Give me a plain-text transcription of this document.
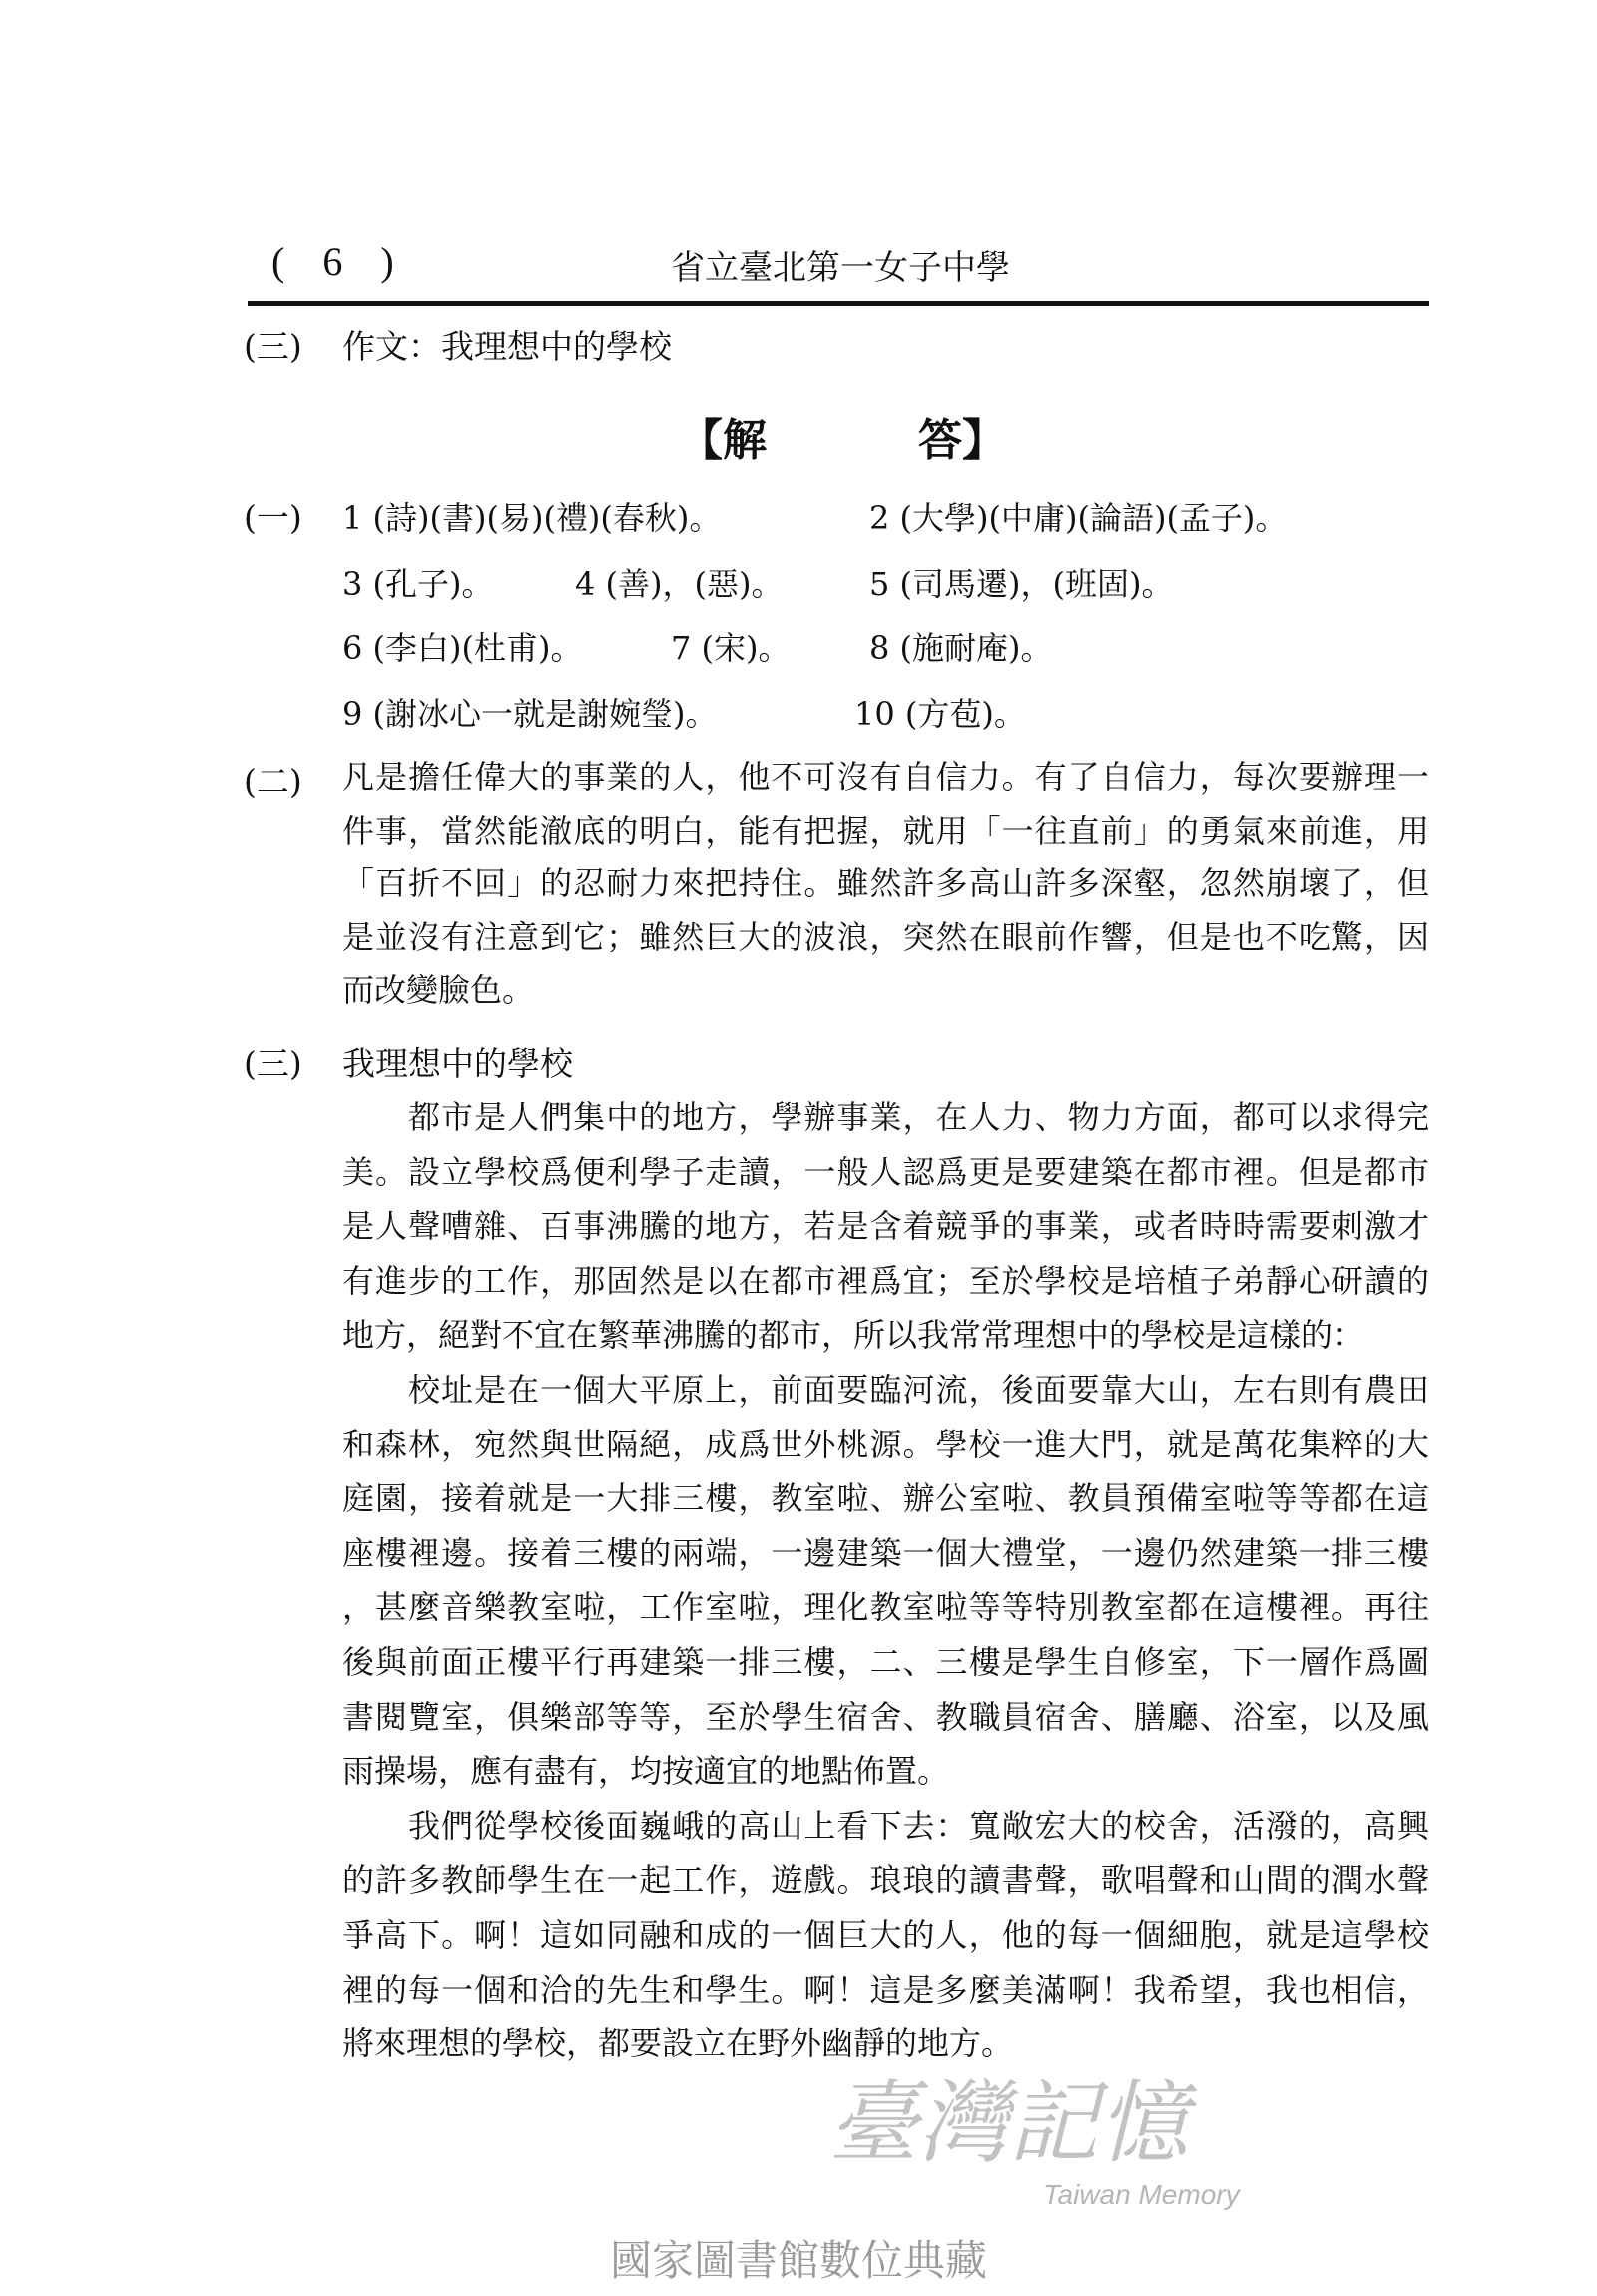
( 6 )	省立臺北第一女子中學
(三) 作文：我理想中的學校
【解	答】
(一) 1 (詩)(書)(易)(禮)(春秋)。	2 (大學)(中庸)(論語)(孟子)。
3 (孔子)。	4 (善)，(惡)。	5 (司馬遷)，(班固)。
6 (李白)(杜甫)。	7 (宋)。 8 (施耐庵)。
9 (謝冰心一就是謝婉瑩)。	10 (方苞)。
(二) 凡是擔任偉大的事業的人，他不可沒有自信力。有了自信力，每次要辦理一
件事，當然能澈底的明白，能有把握，就用「一往直前」的勇氣來前進，用
「百折不回」的忍耐力來把持住。雖然許多高山許多深壑，忽然崩壞了，但
是並沒有注意到它；雖然巨大的波浪，突然在眼前作響，但是也不吃驚，因
而改變臉色。
(三) 我理想中的學校
都市是人們集中的地方，學辦事業，在人力、物力方面，都可以求得完
美。設立學校爲便利學子走讀，一般人認爲更是要建築在都市裡。但是都市
是人聲嘈雜、百事沸騰的地方，若是含着競爭的事業，或者時時需要刺激才
有進步的工作，那固然是以在都市裡爲宜；至於學校是培植子弟靜心研讀的
地方，絕對不宜在繁華沸騰的都市，所以我常常理想中的學校是這樣的：
校址是在一個大平原上，前面要臨河流，後面要靠大山，左右則有農田
和森林，宛然與世隔絕，成爲世外桃源。學校一進大門，就是萬花集粹的大
庭園，接着就是一大排三樓，教室啦、辦公室啦、教員預備室啦等等都在這
座樓裡邊。接着三樓的兩端，一邊建築一個大禮堂，一邊仍然建築一排三樓
，甚麼音樂教室啦，工作室啦，理化教室啦等等特別教室都在這樓裡。再往
後與前面正樓平行再建築一排三樓，二、三樓是學生自修室，下一層作爲圖
書閱覽室，俱樂部等等，至於學生宿舍、教職員宿舍、膳廳、浴室，以及風
雨操場，應有盡有，均按適宜的地點佈置。
我們從學校後面巍峨的高山上看下去：寬敞宏大的校舍，活潑的，高興
的許多教師學生在一起工作，遊戲。琅琅的讀書聲，歌唱聲和山間的潤水聲
爭高下。啊！這如同融和成的一個巨大的人，他的每一個細胞，就是這學校
裡的每一個和洽的先生和學生。啊！這是多麼美滿啊！我希望，我也相信，
將來理想的學校，都要設立在野外幽靜的地方。
臺灣記憶
Taiwan Memory
國家圖書館數位典藏
